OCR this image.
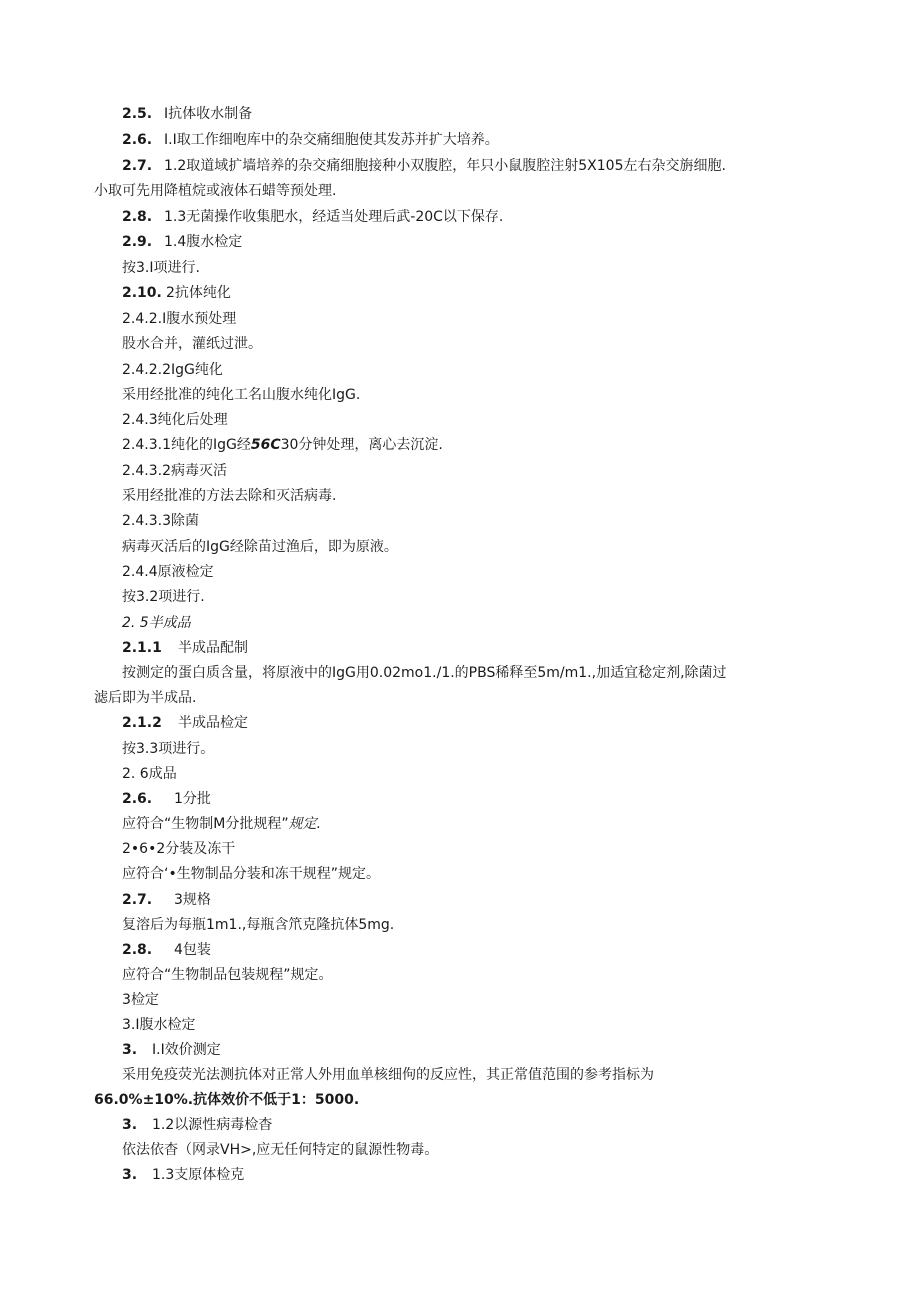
2.5. I抗体收水制备
2.6. I.I取工作细咆库中的杂交痛细胞使其发苏并扩大培养。
2.7. 1.2取道域扩墙培养的杂交痛细胞接种小双腹腔，年只小鼠腹腔注射5X105左右杂交旃细胞.
小取可先用降植烷或液体石蜡等预处理.
2.8. 1.3无菌操作收集肥水，经适当处理后武-20C以下保存.
2.9. 1.4腹水检定
按3.I项进行.
2.10. 2抗体纯化
2.4.2.I腹水预处理
股水合并，灌纸过泄。
2.4.2.2IgG纯化
采用经批准的纯化工名山腹水纯化IgG.
2.4.3纯化后处理
2.4.3.1纯化的IgG经56C30分钟处理，离心去沉淀.
2.4.3.2病毒灭活
采用经批准的方法去除和灭活病毒.
2.4.3.3除菌
病毒灭活后的IgG经除苗过渔后，即为原液。
2.4.4原液检定
按3.2项进行.
2. 5半成品
2.1.1 半成品配制
按测定的蛋白质含量，将原液中的IgG用0.02mo1./1.的PBS稀释至5m/m1.,加适宜稔定剂,除菌过
滤后即为半成品.
2.1.2 半成品检定
按3.3项进行。
2. 6成品
2.6. 1分批
应符合“生物制M分批规程”规定.
2•6•2分装及冻干
应符合‘•生物制品分装和冻干规程”规定。
2.7. 3规格
复溶后为每瓶1m1.,每瓶含笊克隆抗体5mg.
2.8. 4包装
应符合“生物制品包装规程”规定。
3检定
3.I腹水检定
3. I.I效价测定
采用免疫荧光法测抗体对正常人外用血单核细佝的反应性，其正常值范围的参考指标为
66.0%±10%.抗体效价不低于1：5000.
3. 1.2以源性病毒检杳
依法依杳（网录VH>,应无任何特定的鼠源性物毒。
3. 1.3支原体检克
